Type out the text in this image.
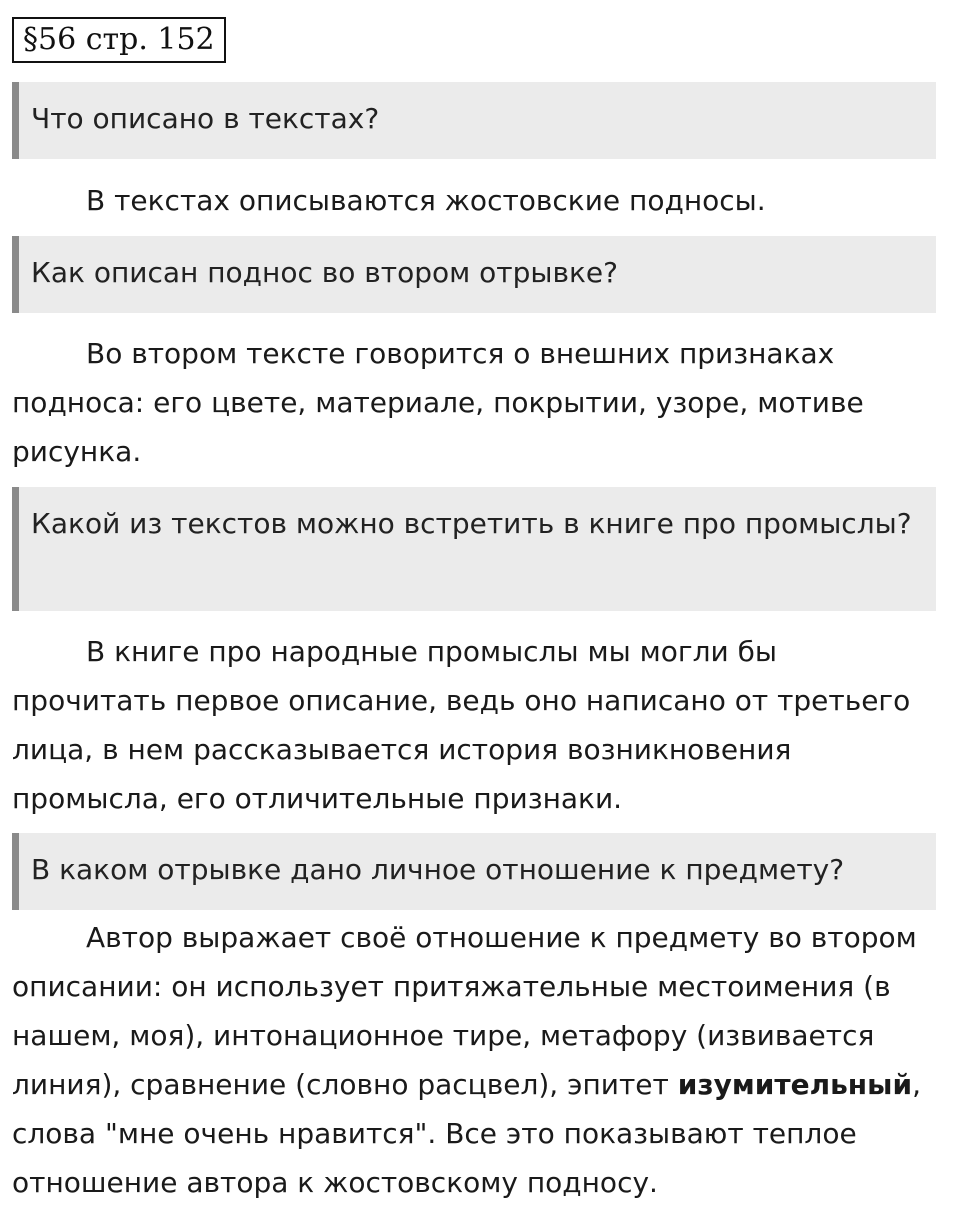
§56 стр. 152
Что описано в текстах?
В текстах описываются жостовские подносы.
Как описан поднос во втором отрывке?
Во втором тексте говорится о внешних признаках подноса: его цвете, материале, покрытии, узоре, мотиве рисунка.
Какой из текстов можно встретить в книге про промыслы?
В книге про народные промыслы мы могли бы прочитать первое описание, ведь оно написано от третьего лица, в нем рассказывается история возникновения промысла, его отличительные признаки.
В каком отрывке дано личное отношение к предмету?
Автор выражает своё отношение к предмету во втором описании: он использует притяжательные местоимения (в нашем, моя), интонационное тире, метафору (извивается линия), сравнение (словно расцвел), эпитет изумительный, слова "мне очень нравится". Все это показывают теплое отношение автора к жостовскому подносу.
